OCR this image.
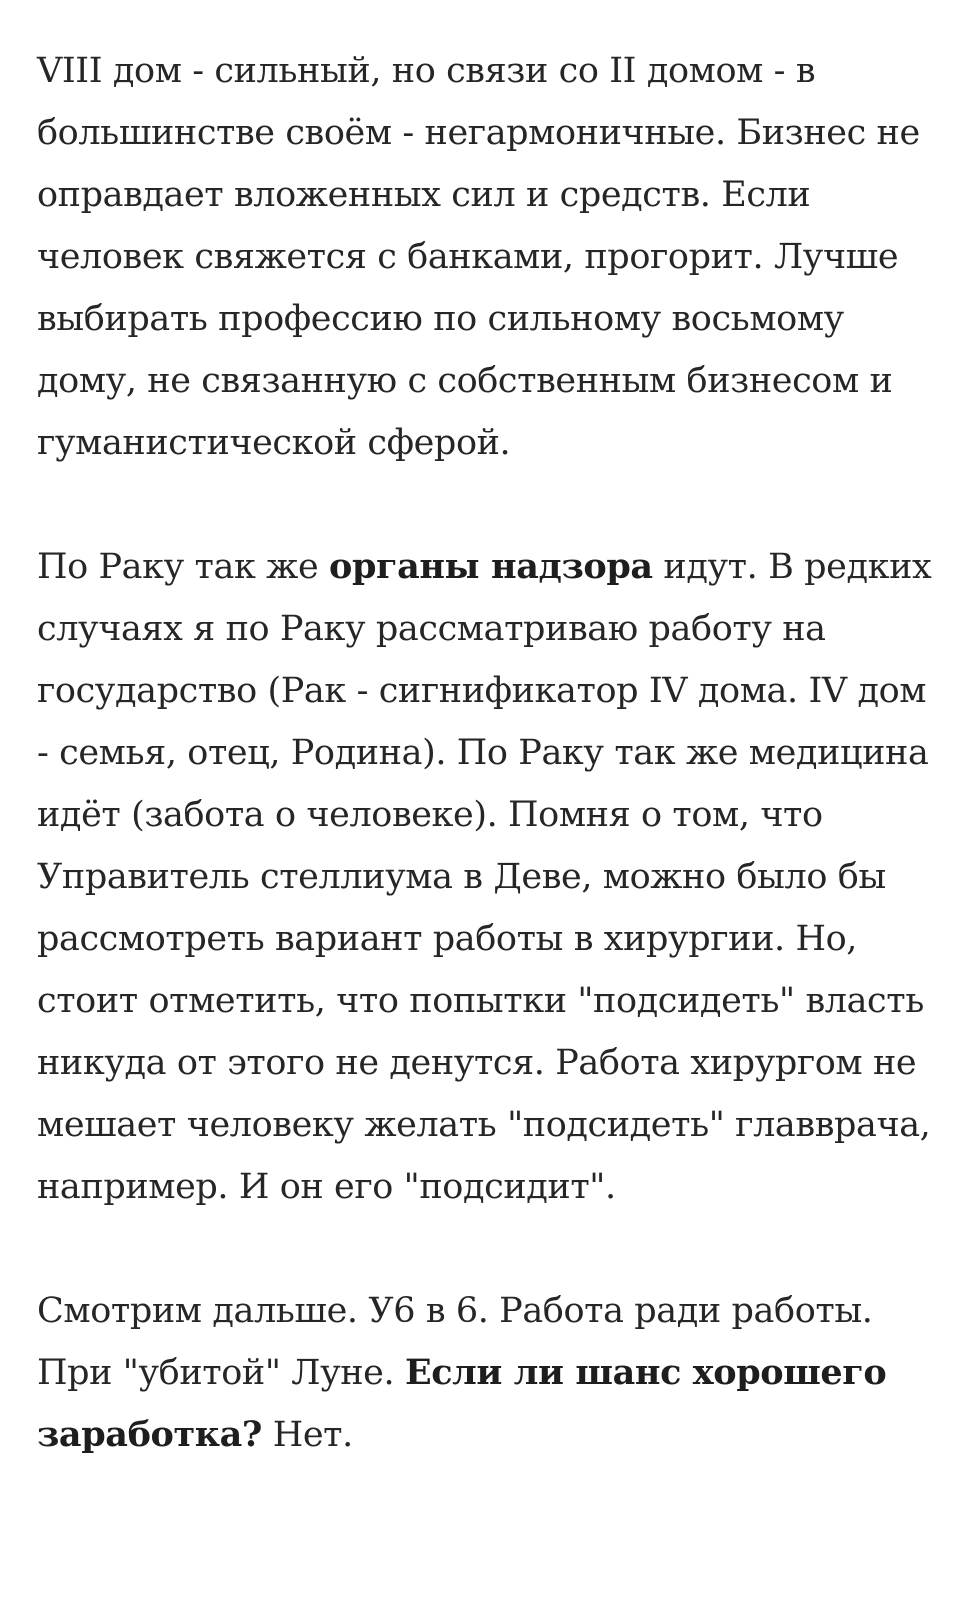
VIII дом - сильный, но связи со II домом - в большинстве своём - негармоничные. Бизнес не оправдает вложенных сил и средств. Если человек свяжется с банками, прогорит. Лучше выбирать профессию по сильному восьмому дому, не связанную с собственным бизнесом и гуманистической сферой.

По Раку так же органы надзора идут. В редких случаях я по Раку рассматриваю работу на государство (Рак - сигнификатор IV дома. IV дом - семья, отец, Родина). По Раку так же медицина идёт (забота о человеке). Помня о том, что Управитель стеллиума в Деве, можно было бы рассмотреть вариант работы в хирургии. Но, стоит отметить, что попытки "подсидеть" власть никуда от этого не денутся. Работа хирургом не мешает человеку желать "подсидеть" главврача, например. И он его "подсидит".

Смотрим дальше. У6 в 6. Работа ради работы. При "убитой" Луне. Если ли шанс хорошего заработка? Нет.
